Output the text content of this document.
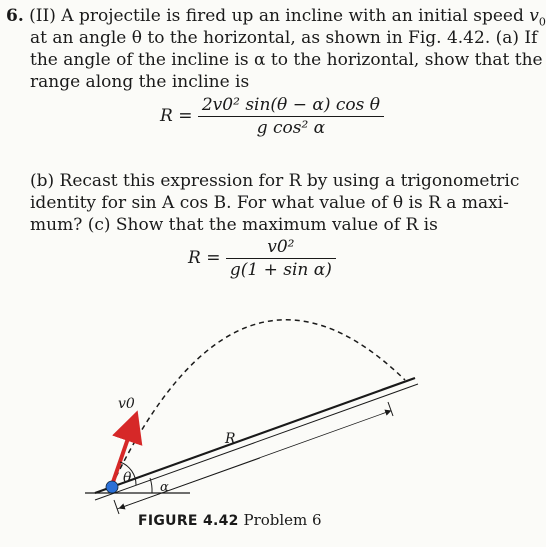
6. (II) A projectile is fired up an incline with an initial speed $v_0$
at an angle θ to the horizontal, as shown in Fig. 4.42. (a) If
the angle of the incline is α to the horizontal, show that the
range along the incline is
$R = \frac{\text{2v0² sin(θ − α) cos θ}}{\text{g cos² α}}$
(b) Recast this expression for R by using a trigonometric
identity for sin A cos B. For what value of θ is R a maxi-
mum? (c) Show that the maximum value of R is
$R = \frac{\text{v0²}}{\text{g(1 + sin α)}}$
v0
θ
α
R
FIGURE 4.42 Problem 6
